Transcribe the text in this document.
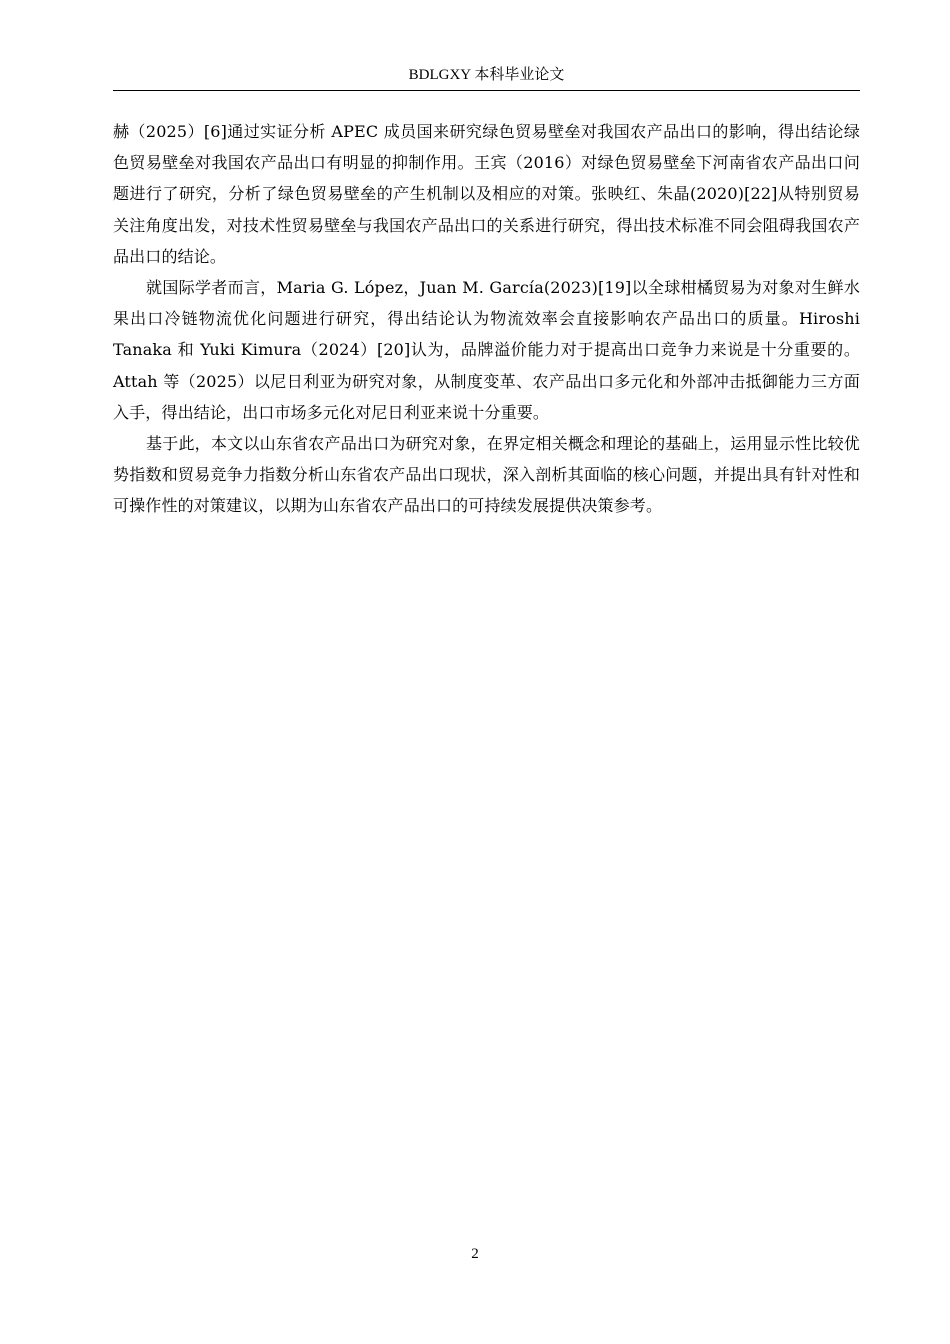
BDLGXY 本科毕业论文

赫（2025）[6]通过实证分析 APEC 成员国来研究绿色贸易壁垒对我国农产品出口的影响，得出结论绿色贸易壁垒对我国农产品出口有明显的抑制作用。王宾（2016）对绿色贸易壁垒下河南省农产品出口问题进行了研究，分析了绿色贸易壁垒的产生机制以及相应的对策。张映红、朱晶(2020)[22]从特别贸易关注角度出发，对技术性贸易壁垒与我国农产品出口的关系进行研究，得出技术标准不同会阻碍我国农产品出口的结论。

就国际学者而言，Maria G. López，Juan M. García(2023)[19]以全球柑橘贸易为对象对生鲜水果出口冷链物流优化问题进行研究，得出结论认为物流效率会直接影响农产品出口的质量。Hiroshi Tanaka 和 Yuki Kimura（2024）[20]认为，品牌溢价能力对于提高出口竞争力来说是十分重要的。Attah 等（2025）以尼日利亚为研究对象，从制度变革、农产品出口多元化和外部冲击抵御能力三方面入手，得出结论，出口市场多元化对尼日利亚来说十分重要。

基于此，本文以山东省农产品出口为研究对象，在界定相关概念和理论的基础上，运用显示性比较优势指数和贸易竞争力指数分析山东省农产品出口现状，深入剖析其面临的核心问题，并提出具有针对性和可操作性的对策建议，以期为山东省农产品出口的可持续发展提供决策参考。

2
